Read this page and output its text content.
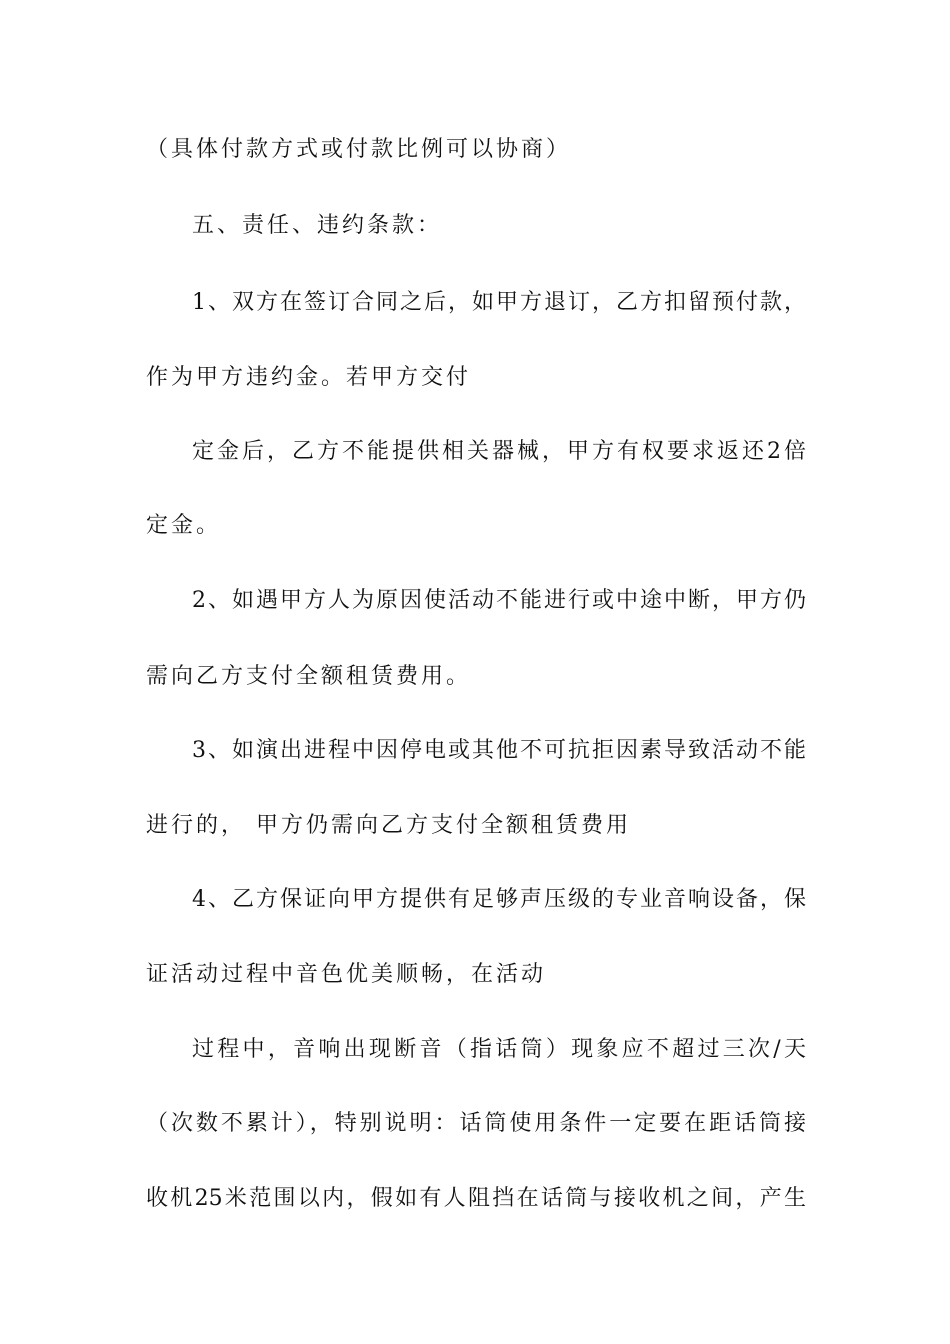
（具体付款方式或付款比例可以协商）
五、责任、违约条款：
1、双方在签订合同之后，如甲方退订，乙方扣留预付款，
作为甲方违约金。若甲方交付
定金后，乙方不能提供相关器械，甲方有权要求返还2倍
定金。
2、如遇甲方人为原因使活动不能进行或中途中断，甲方仍
需向乙方支付全额租赁费用。
3、如演出进程中因停电或其他不可抗拒因素导致活动不能
进行的， 甲方仍需向乙方支付全额租赁费用
4、乙方保证向甲方提供有足够声压级的专业音响设备，保
证活动过程中音色优美顺畅，在活动
过程中，音响出现断音（指话筒）现象应不超过三次/天
（次数不累计），特别说明：话筒使用条件一定要在距话筒接
收机25米范围以内，假如有人阻挡在话筒与接收机之间，产生
